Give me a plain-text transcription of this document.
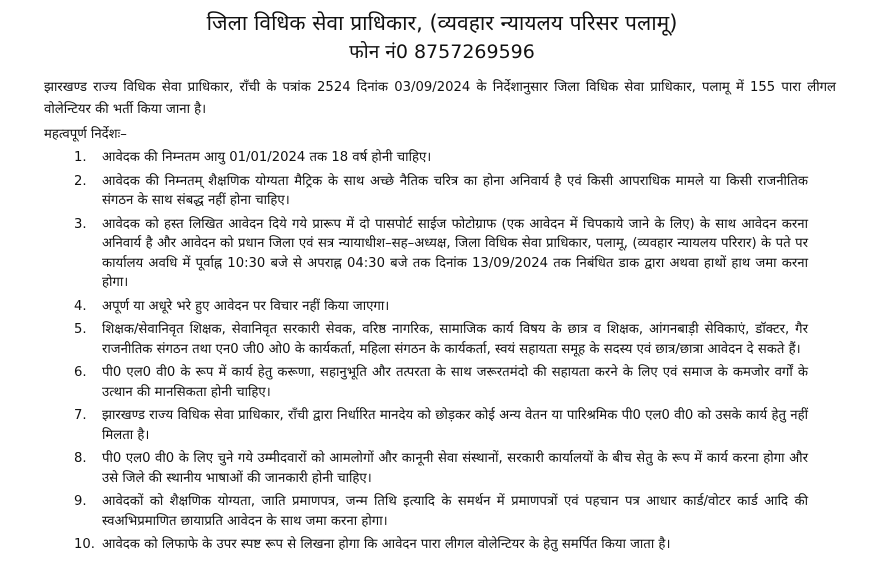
जिला विधिक सेवा प्राधिकार, (व्यवहार न्यायलय परिसर पलामू)

फोन नं0 8757269596

झारखण्ड राज्य विधिक सेवा प्राधिकार, राँची के पत्रांक 2524 दिनांक 03/09/2024 के निर्देशानुसार जिला विधिक सेवा प्राधिकार, पलामू में 155 पारा लीगल वोलेन्टियर की भर्ती किया जाना है।

महत्वपूर्ण निर्देशः–

1. आवेदक की निम्नतम आयु 01/01/2024 तक 18 वर्ष होनी चाहिए।
2. आवेदक की निम्नतम् शैक्षणिक योग्यता मैट्रिक के साथ अच्छे नैतिक चरित्र का होना अनिवार्य है एवं किसी आपराधिक मामले या किसी राजनीतिक संगठन के साथ संबद्ध नहीं होना चाहिए।
3. आवेदक को हस्त लिखित आवेदन दिये गये प्रारूप में दो पासपोर्ट साईज फोटोग्राफ (एक आवेदन में चिपकाये जाने के लिए) के साथ आवेदन करना अनिवार्य है और आवेदन को प्रधान जिला एवं सत्र न्यायाधीश–सह–अध्यक्ष, जिला विधिक सेवा प्राधिकार, पलामू, (व्यवहार न्यायलय परिरार) के पते पर कार्यालय अवधि में पूर्वाह्न 10:30 बजे से अपराह्न 04:30 बजे तक दिनांक 13/09/2024 तक निबंधित डाक द्वारा अथवा हाथों हाथ जमा करना होगा।
4. अपूर्ण या अधूरे भरे हुए आवेदन पर विचार नहीं किया जाएगा।
5. शिक्षक/सेवानिवृत शिक्षक, सेवानिवृत सरकारी सेवक, वरिष्ठ नागरिक, सामाजिक कार्य विषय के छात्र व शिक्षक, आंगनबाड़ी सेविकाएं, डॉक्टर, गैर राजनीतिक संगठन तथा एन0 जी0 ओ0 के कार्यकर्ता, महिला संगठन के कार्यकर्ता, स्वयं सहायता समूह के सदस्य एवं छात्र/छात्रा आवेदन दे सकते हैं।
6. पी0 एल0 वी0 के रूप में कार्य हेतु करूणा, सहानुभूति और तत्परता के साथ जरूरतमंदो की सहायता करने के लिए एवं समाज के कमजोर वर्गों के उत्थान की मानसिकता होनी चाहिए।
7. झारखण्ड राज्य विधिक सेवा प्राधिकार, राँची द्वारा निर्धारित मानदेय को छोड़कर कोई अन्य वेतन या पारिश्रमिक पी0 एल0 वी0 को उसके कार्य हेतु नहीं मिलता है।
8. पी0 एल0 वी0 के लिए चुने गये उम्मीदवारों को आमलोगों और कानूनी सेवा संस्थानों, सरकारी कार्यालयों के बीच सेतु के रूप में कार्य करना होगा और उसे जिले की स्थानीय भाषाओं की जानकारी होनी चाहिए।
9. आवेदकों को शैक्षणिक योग्यता, जाति प्रमाणपत्र, जन्म तिथि इत्यादि के समर्थन में प्रमाणपत्रों एवं पहचान पत्र आधार कार्ड/वोटर कार्ड आदि की स्वअभिप्रमाणित छायाप्रति आवेदन के साथ जमा करना होगा।
10. आवेदक को लिफाफे के उपर स्पष्ट रूप से लिखना होगा कि आवेदन पारा लीगल वोलेन्टियर के हेतु समर्पित किया जाता है।
